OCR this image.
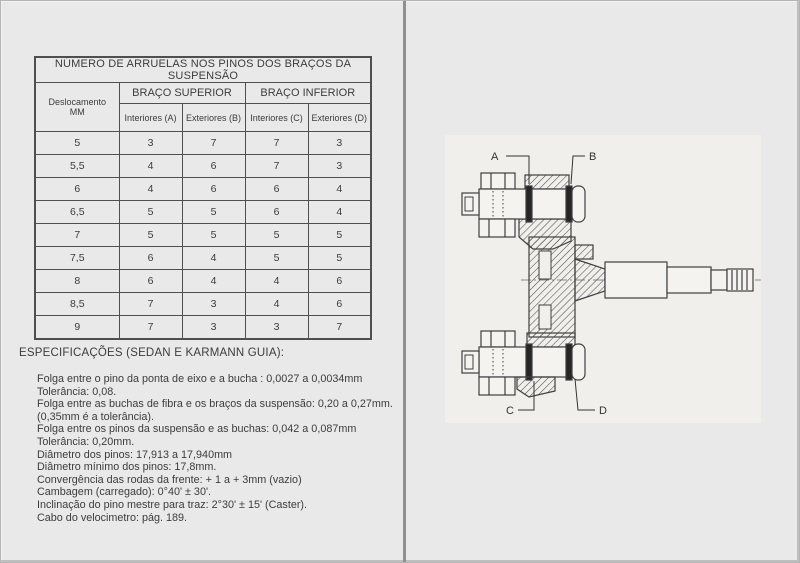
NÚMERO DE ARRUELAS NOS PINOS DOS BRAÇOS DA SUSPENSÃO				
Deslocamento
MM	BRAÇO SUPERIOR		BRAÇO INFERIOR	
	Interiores (A)	Exteriores (B)	Interiores (C)	Exteriores (D)
5	3	7	7	3
5,5	4	6	7	3
6	4	6	6	4
6,5	5	5	6	4
7	5	5	5	5
7,5	6	4	5	5
8	6	4	4	6
8,5	7	3	4	6
9	7	3	3	7
ESPECIFICAÇÕES (SEDAN E KARMANN GUIA):
Folga entre o pino da ponta de eixo e a bucha : 0,0027 a 0,0034mm
Tolerância: 0,08.
Folga entre as buchas de fibra e os braços da suspensão: 0,20 a 0,27mm.
(0,35mm é a tolerância).
Folga entre os pinos da suspensão e as buchas: 0,042 a 0,087mm
Tolerância: 0,20mm.
Diâmetro dos pinos: 17,913 a 17,940mm
Diâmetro mínimo dos pinos: 17,8mm.
Convergência das rodas da frente: + 1 a + 3mm (vazio)
Cambagem (carregado): 0°40' ± 30'.
Inclinação do pino mestre para traz: 2°30' ± 15' (Caster).
Cabo do velocimetro: pág. 189.
A	B
C	D
